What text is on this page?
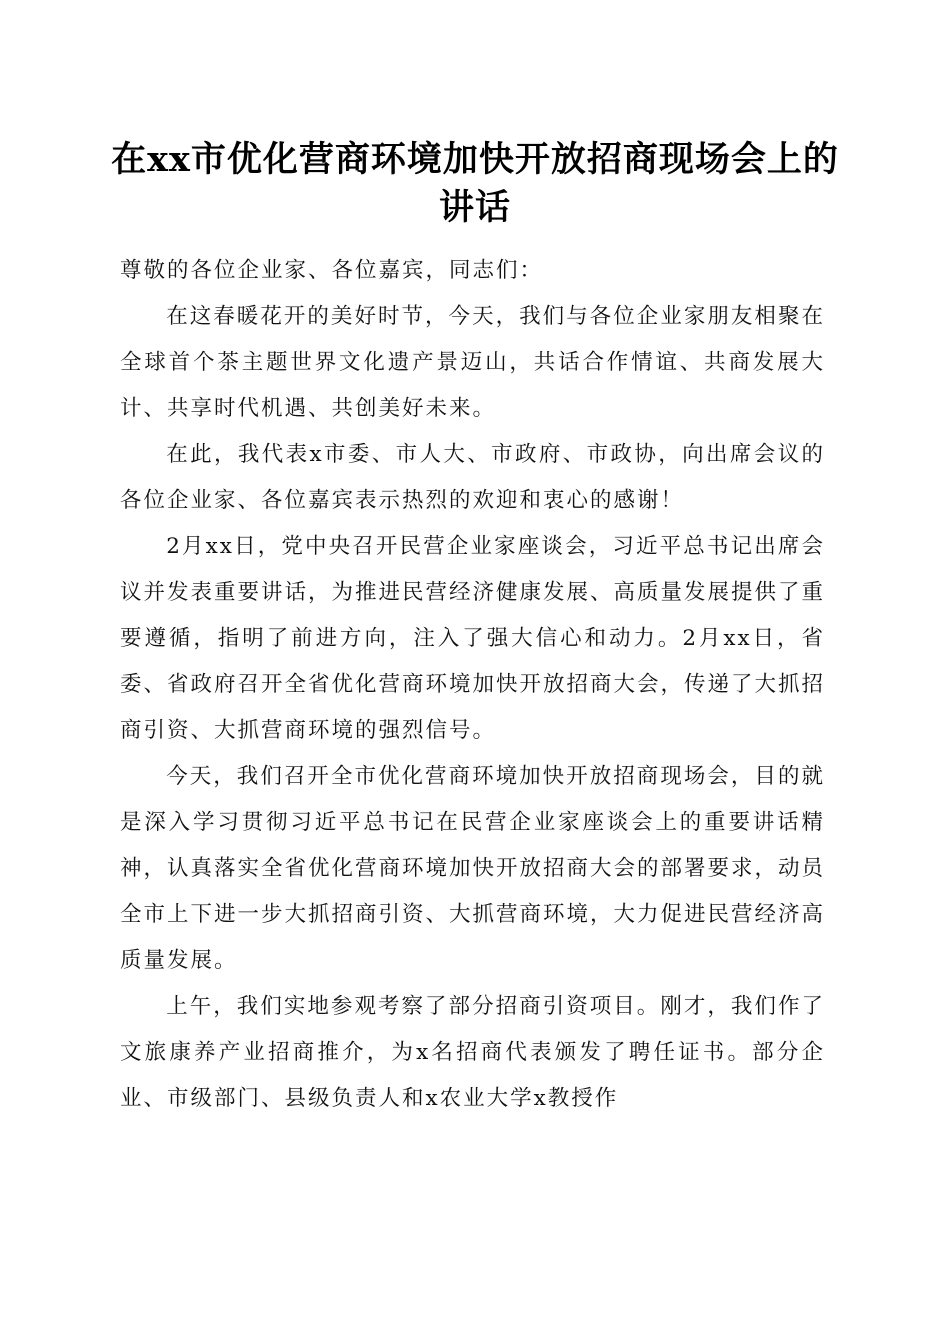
在xx市优化营商环境加快开放招商现场会上的讲话

尊敬的各位企业家、各位嘉宾，同志们：

在这春暖花开的美好时节，今天，我们与各位企业家朋友相聚在全球首个茶主题世界文化遗产景迈山，共话合作情谊、共商发展大计、共享时代机遇、共创美好未来。

在此，我代表x市委、市人大、市政府、市政协，向出席会议的各位企业家、各位嘉宾表示热烈的欢迎和衷心的感谢！

2月xx日，党中央召开民营企业家座谈会，习近平总书记出席会议并发表重要讲话，为推进民营经济健康发展、高质量发展提供了重要遵循，指明了前进方向，注入了强大信心和动力。2月xx日，省委、省政府召开全省优化营商环境加快开放招商大会，传递了大抓招商引资、大抓营商环境的强烈信号。

今天，我们召开全市优化营商环境加快开放招商现场会，目的就是深入学习贯彻习近平总书记在民营企业家座谈会上的重要讲话精神，认真落实全省优化营商环境加快开放招商大会的部署要求，动员全市上下进一步大抓招商引资、大抓营商环境，大力促进民营经济高质量发展。

上午，我们实地参观考察了部分招商引资项目。刚才，我们作了文旅康养产业招商推介，为x名招商代表颁发了聘任证书。部分企业、市级部门、县级负责人和x农业大学x教授作
